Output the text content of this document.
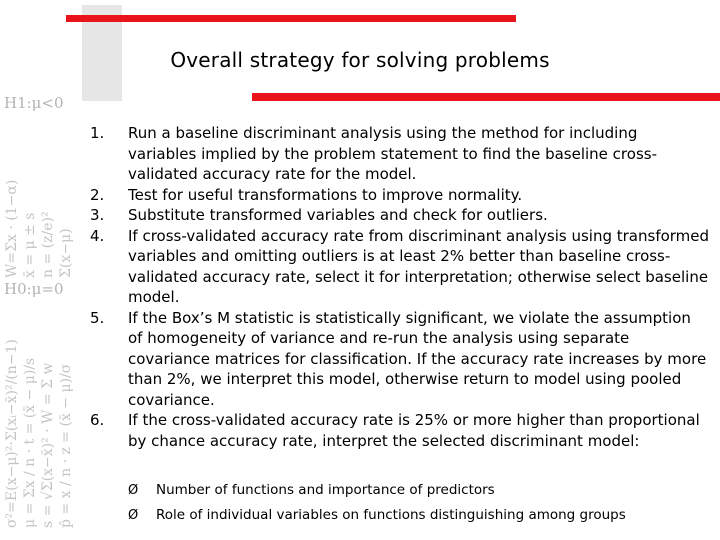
H1:μ<0
H0:μ=0
σ²=E(x−μ)²·Σ(xᵢ−x̄)²/(n−1) μ = Σx / n · t = (x̄ − μ)/s s = √Σ(x−x̄)² · W = Σ w p̂ = x / n · z = (x̄ − μ)/σ
W=Σx · (1−α) x̄ = μ ± s n = (z/e)² Σ(x−μ)
Overall strategy for solving problems
1.	Run a baseline discriminant analysis using the method for including variables implied by the problem statement to find the baseline cross-validated accuracy rate for the model.
2.	Test for useful transformations to improve normality.
3.	Substitute transformed variables and check for outliers.
4.	If cross-validated accuracy rate from discriminant analysis using transformed variables and omitting outliers is at least 2% better than baseline cross-validated accuracy rate, select it for interpretation; otherwise select baseline model.
5.	If the Box’s M statistic is statistically significant, we violate the assumption of homogeneity of variance and re-run the analysis using separate covariance matrices for classification. If the accuracy rate increases by more than 2%, we interpret this model, otherwise return to model using pooled covariance.
6.	If the cross-validated accuracy rate is 25% or more higher than proportional by chance accuracy rate, interpret the selected discriminant model:
Ø	Number of functions and importance of predictors
Ø	Role of individual variables on functions distinguishing among groups
